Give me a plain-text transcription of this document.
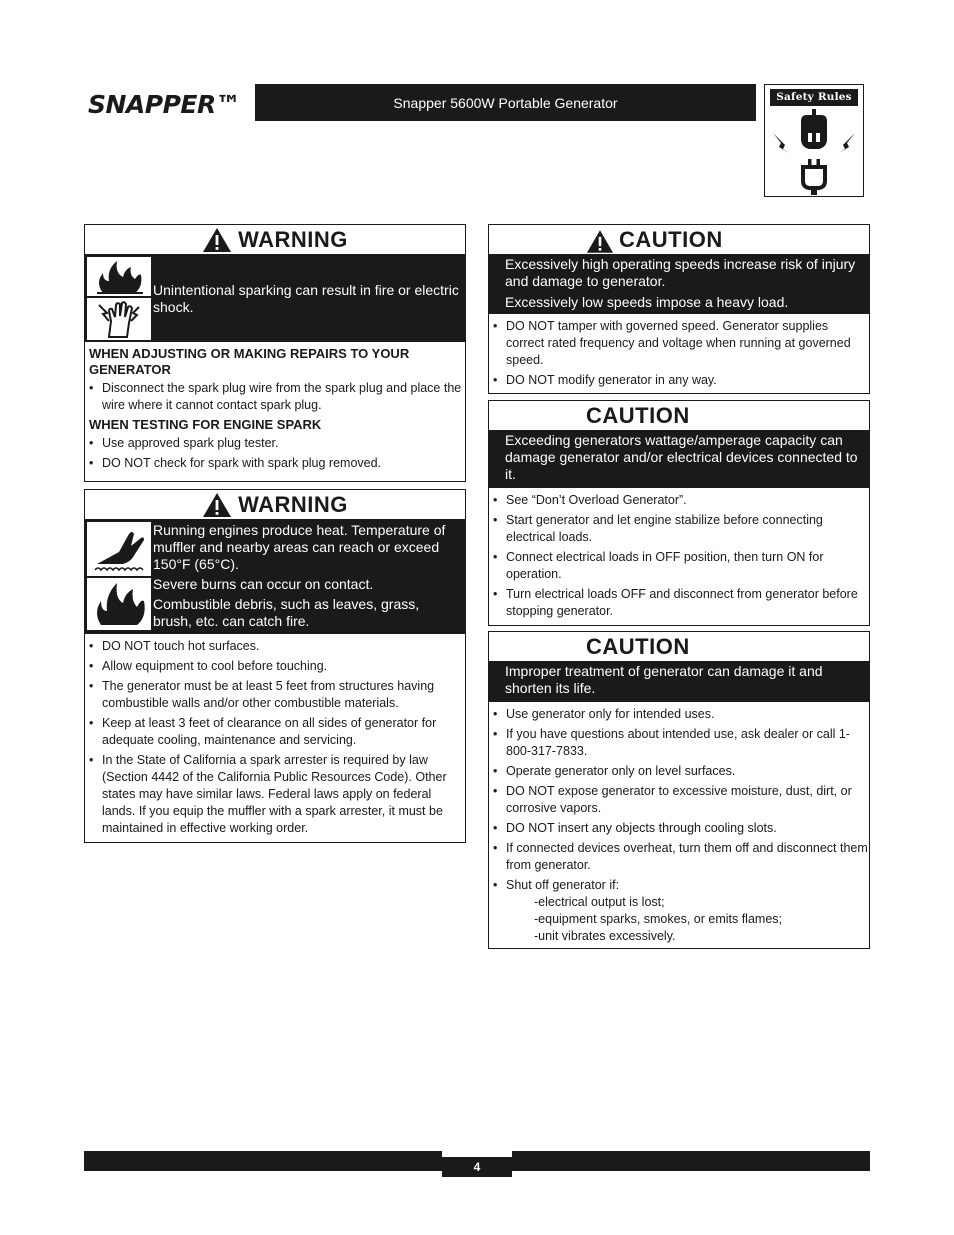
SNAPPER™	Snapper 5600W Portable Generator	Safety Rules
WARNING

Unintentional sparking can result in fire or electric shock.

WHEN ADJUSTING OR MAKING REPAIRS TO YOUR GENERATOR
• Disconnect the spark plug wire from the spark plug and place the wire where it cannot contact spark plug.
WHEN TESTING FOR ENGINE SPARK
• Use approved spark plug tester.
• DO NOT check for spark with spark plug removed.
WARNING

Running engines produce heat. Temperature of muffler and nearby areas can reach or exceed 150°F (65°C).

Severe burns can occur on contact.

Combustible debris, such as leaves, grass, brush, etc. can catch fire.

• DO NOT touch hot surfaces.
• Allow equipment to cool before touching.
• The generator must be at least 5 feet from structures having combustible walls and/or other combustible materials.
• Keep at least 3 feet of clearance on all sides of generator for adequate cooling, maintenance and servicing.
• In the State of California a spark arrester is required by law (Section 4442 of the California Public Resources Code). Other states may have similar laws. Federal laws apply on federal lands. If you equip the muffler with a spark arrester, it must be maintained in effective working order.
CAUTION

Excessively high operating speeds increase risk of injury and damage to generator.

Excessively low speeds impose a heavy load.

• DO NOT tamper with governed speed. Generator supplies correct rated frequency and voltage when running at governed speed.
• DO NOT modify generator in any way.
CAUTION

Exceeding generators wattage/amperage capacity can damage generator and/or electrical devices connected to it.

• See “Don’t Overload Generator”.
• Start generator and let engine stabilize before connecting electrical loads.
• Connect electrical loads in OFF position, then turn ON for operation.
• Turn electrical loads OFF and disconnect from generator before stopping generator.
CAUTION

Improper treatment of generator can damage it and shorten its life.

• Use generator only for intended uses.
• If you have questions about intended use, ask dealer or call 1-800-317-7833.
• Operate generator only on level surfaces.
• DO NOT expose generator to excessive moisture, dust, dirt, or corrosive vapors.
• DO NOT insert any objects through cooling slots.
• If connected devices overheat, turn them off and disconnect them from generator.
• Shut off generator if:
-electrical output is lost;
-equipment sparks, smokes, or emits flames;
-unit vibrates excessively.
4
